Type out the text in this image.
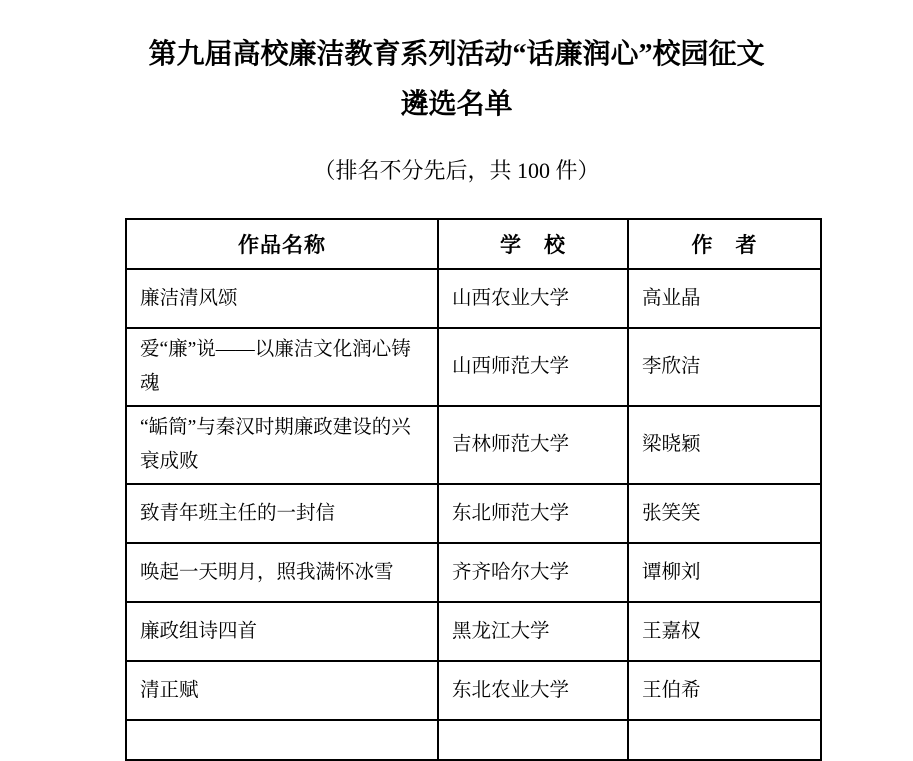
第九届高校廉洁教育系列活动“话廉润心”校园征文
遴选名单
（排名不分先后，共 100 件）
作品名称	学　校	作　者
廉洁清风颂	山西农业大学	高业晶
爱“廉”说——以廉洁文化润心铸魂	山西师范大学	李欣洁
“缿筒”与秦汉时期廉政建设的兴衰成败	吉林师范大学	梁晓颖
致青年班主任的一封信	东北师范大学	张笑笑
唤起一天明月，照我满怀冰雪	齐齐哈尔大学	谭柳刘
廉政组诗四首	黑龙江大学	王嘉权
清正赋	东北农业大学	王伯希
